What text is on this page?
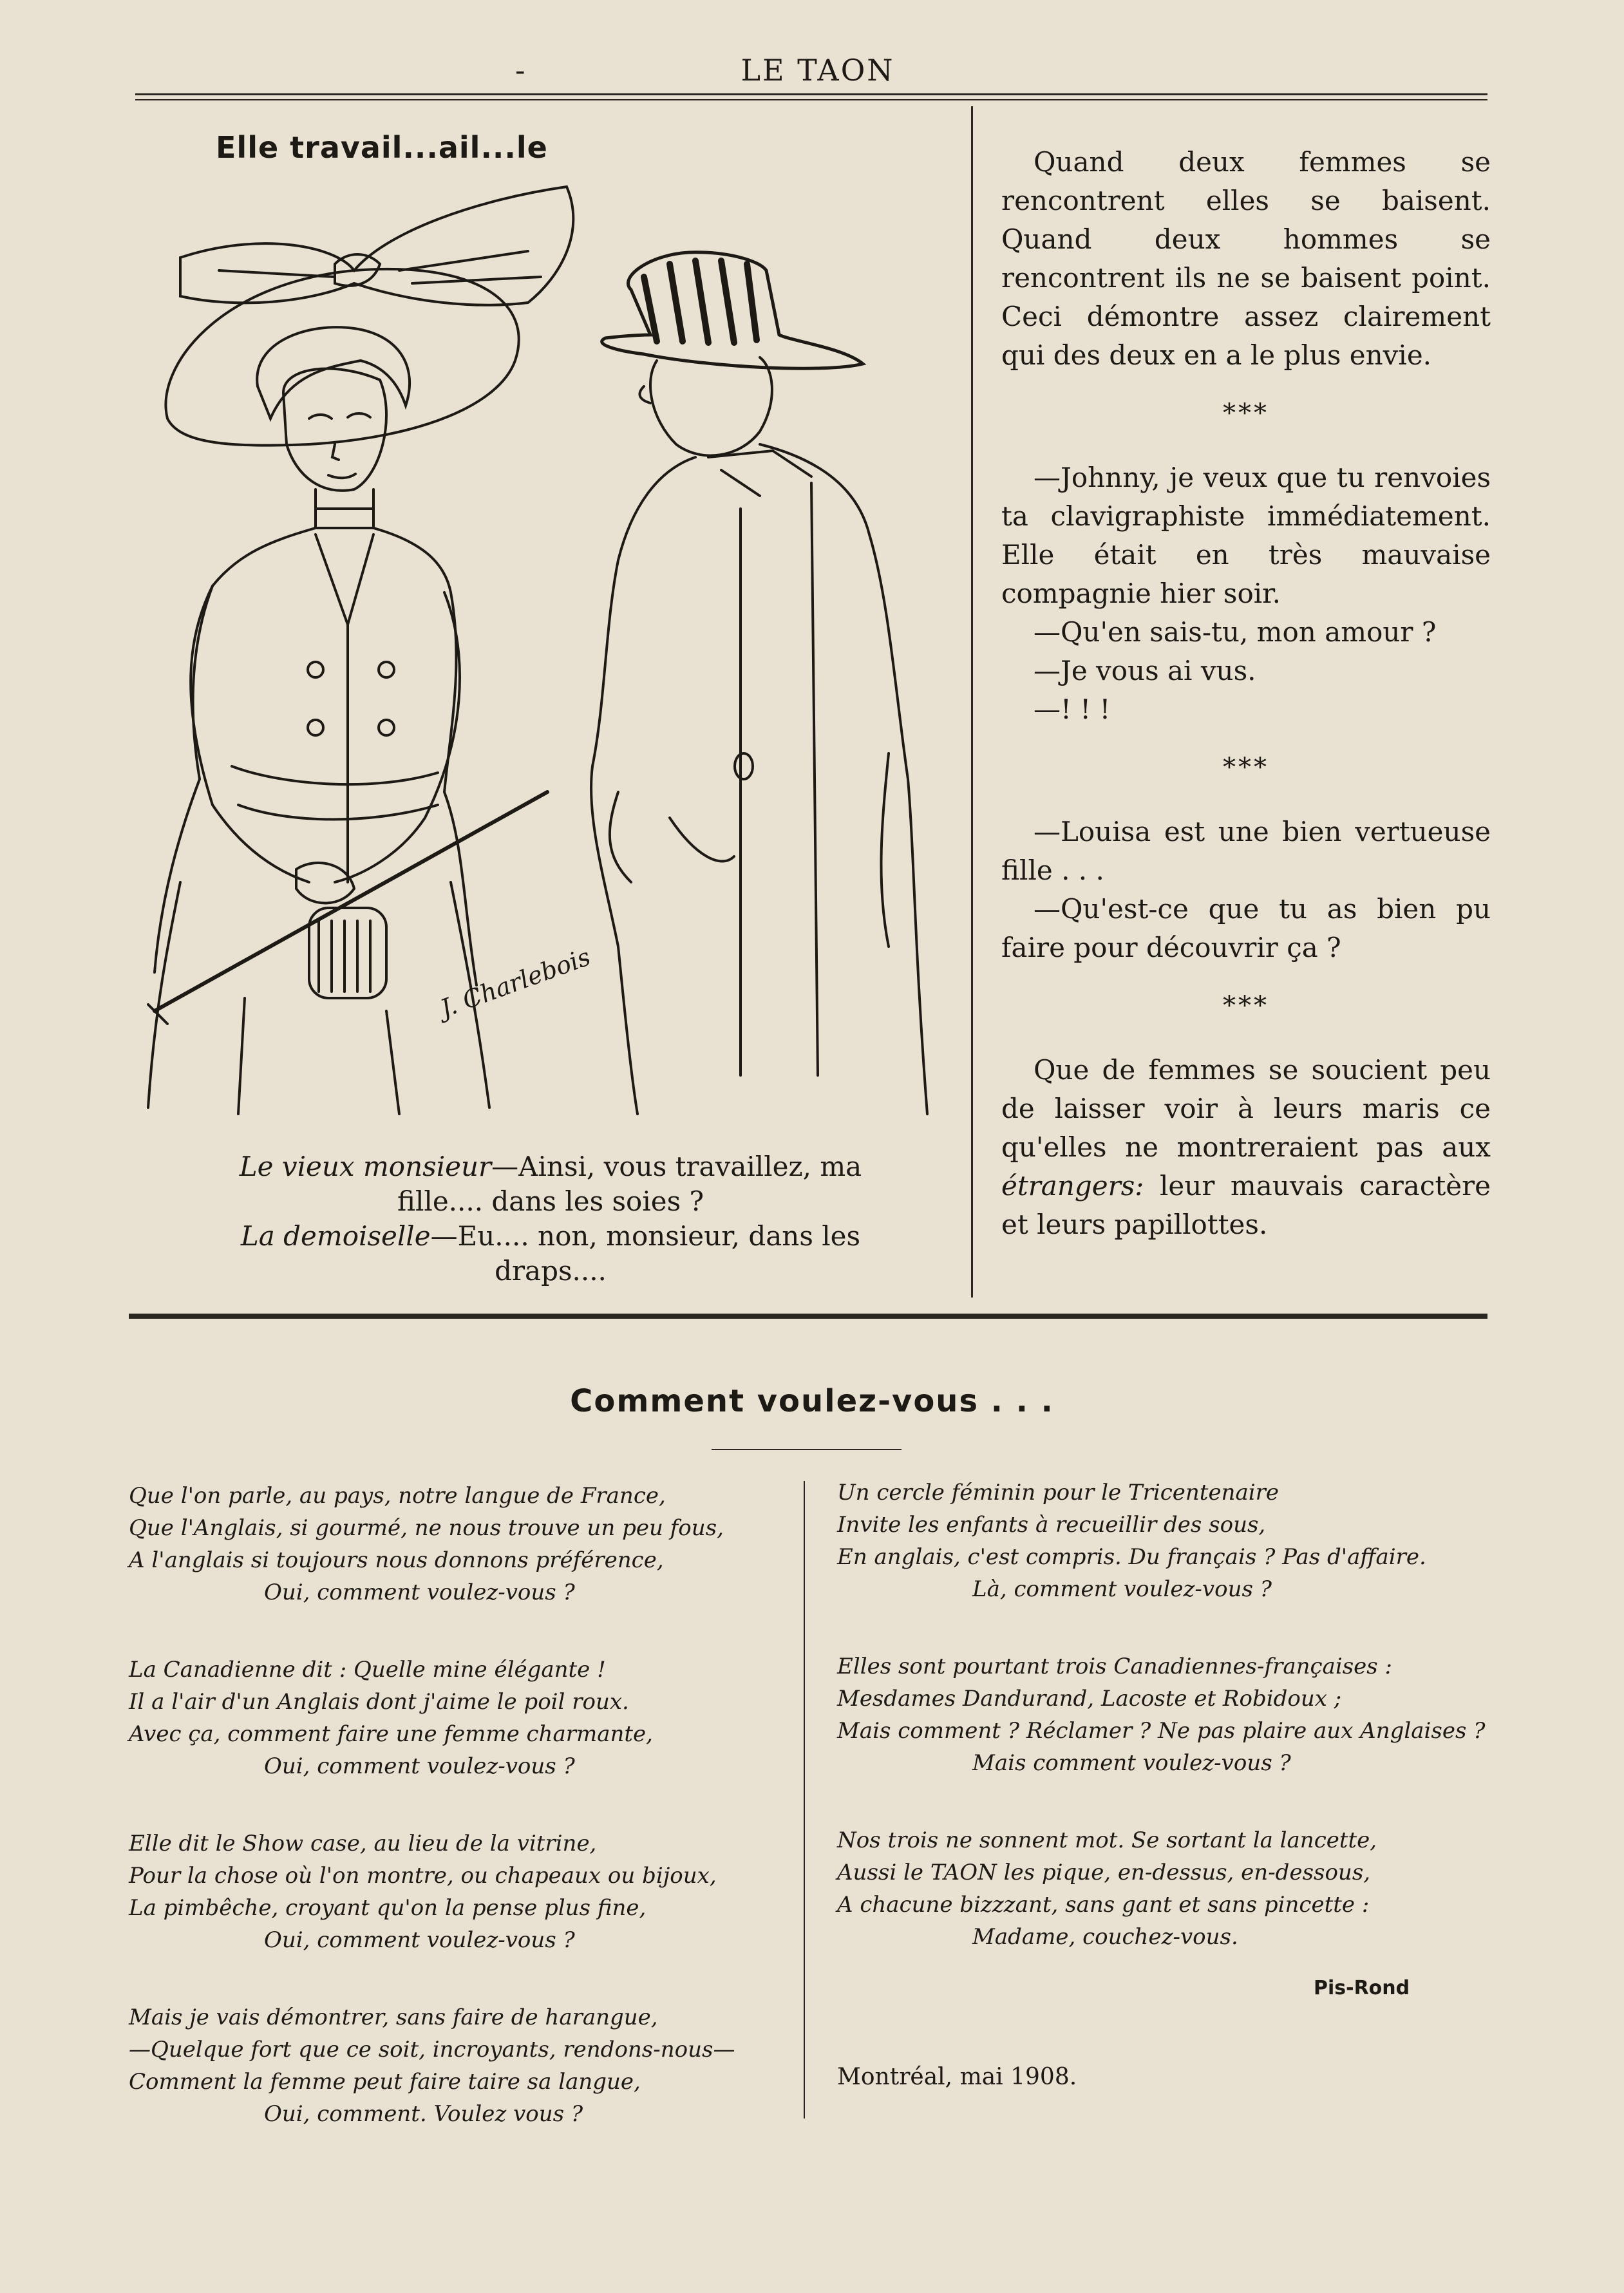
-	LE TAON
Elle travail...ail...le
J. Charlebois

Le vieux monsieur—Ainsi, vous travaillez, ma fille.... dans les soies ?

La demoiselle—Eu.... non, monsieur, dans les draps....

Quand deux femmes se rencontrent elles se baisent. Quand deux hommes se rencontrent ils ne se baisent point. Ceci démontre assez clairement qui des deux en a le plus envie.

***

—Johnny, je veux que tu renvoies ta clavigraphiste immédiatement. Elle était en très mauvaise compagnie hier soir.

—Qu'en sais-tu, mon amour ?

—Je vous ai vus.

—! ! !

***

—Louisa est une bien vertueuse fille . . .

—Qu'est-ce que tu as bien pu faire pour découvrir ça ?

***

Que de femmes se soucient peu de laisser voir à leurs maris ce qu'elles ne montreraient pas aux étrangers: leur mauvais caractère et leurs papillottes.

Comment voulez-vous . . .
Que l'on parle, au pays, notre langue de France,
Que l'Anglais, si gourmé, ne nous trouve un peu fous,
A l'anglais si toujours nous donnons préférence,
Oui, comment voulez-vous ?
La Canadienne dit : Quelle mine élégante !
Il a l'air d'un Anglais dont j'aime le poil roux.
Avec ça, comment faire une femme charmante,
Oui, comment voulez-vous ?
Elle dit le Show case, au lieu de la vitrine,
Pour la chose où l'on montre, ou chapeaux ou bijoux,
La pimbêche, croyant qu'on la pense plus fine,
Oui, comment voulez-vous ?
Mais je vais démontrer, sans faire de harangue,
—Quelque fort que ce soit, incroyants, rendons-nous—
Comment la femme peut faire taire sa langue,
Oui, comment. Voulez vous ?
Un cercle féminin pour le Tricentenaire
Invite les enfants à recueillir des sous,
En anglais, c'est compris. Du français ? Pas d'affaire.
Là, comment voulez-vous ?
Elles sont pourtant trois Canadiennes-françaises :
Mesdames Dandurand, Lacoste et Robidoux ;
Mais comment ? Réclamer ? Ne pas plaire aux Anglaises ?
Mais comment voulez-vous ?
Nos trois ne sonnent mot. Se sortant la lancette,
Aussi le TAON les pique, en-dessus, en-dessous,
A chacune bizzzant, sans gant et sans pincette :
Madame, couchez-vous.
Pis-Rond
Montréal, mai 1908.
